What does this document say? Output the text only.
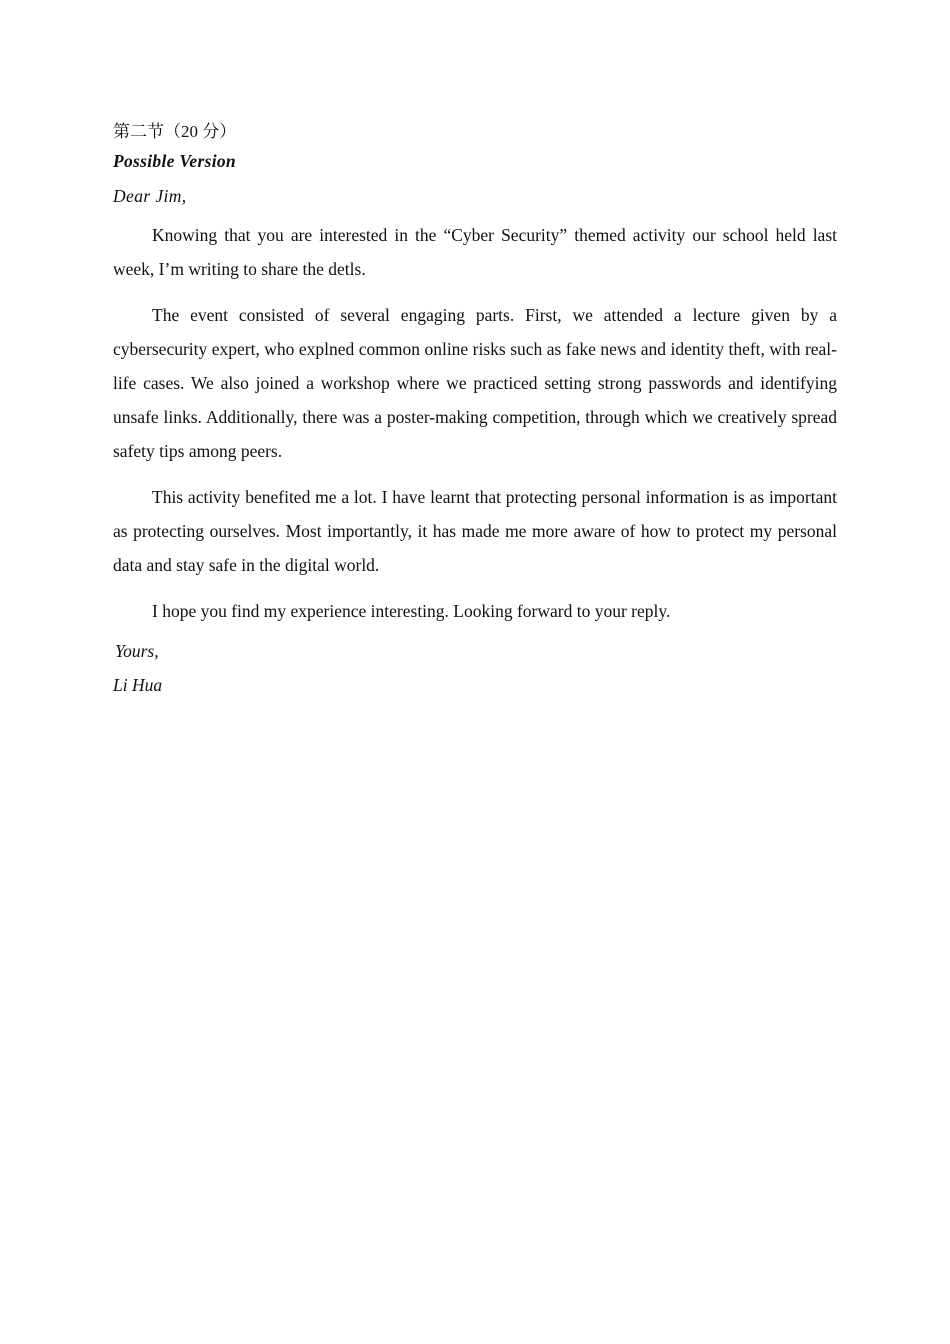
第二节（20 分）

Possible Version

Dear Jim,

Knowing that you are interested in the “Cyber Security” themed activity our school held last week, I’m writing to share the detls.

The event consisted of several engaging parts. First, we attended a lecture given by a cybersecurity expert, who explned common online risks such as fake news and identity theft, with real-life cases. We also joined a workshop where we practiced setting strong passwords and identifying unsafe links. Additionally, there was a poster-making competition, through which we creatively spread safety tips among peers.

This activity benefited me a lot. I have learnt that protecting personal information is as important as protecting ourselves. Most importantly, it has made me more aware of how to protect my personal data and stay safe in the digital world.

I hope you find my experience interesting. Looking forward to your reply.

Yours,

Li Hua
